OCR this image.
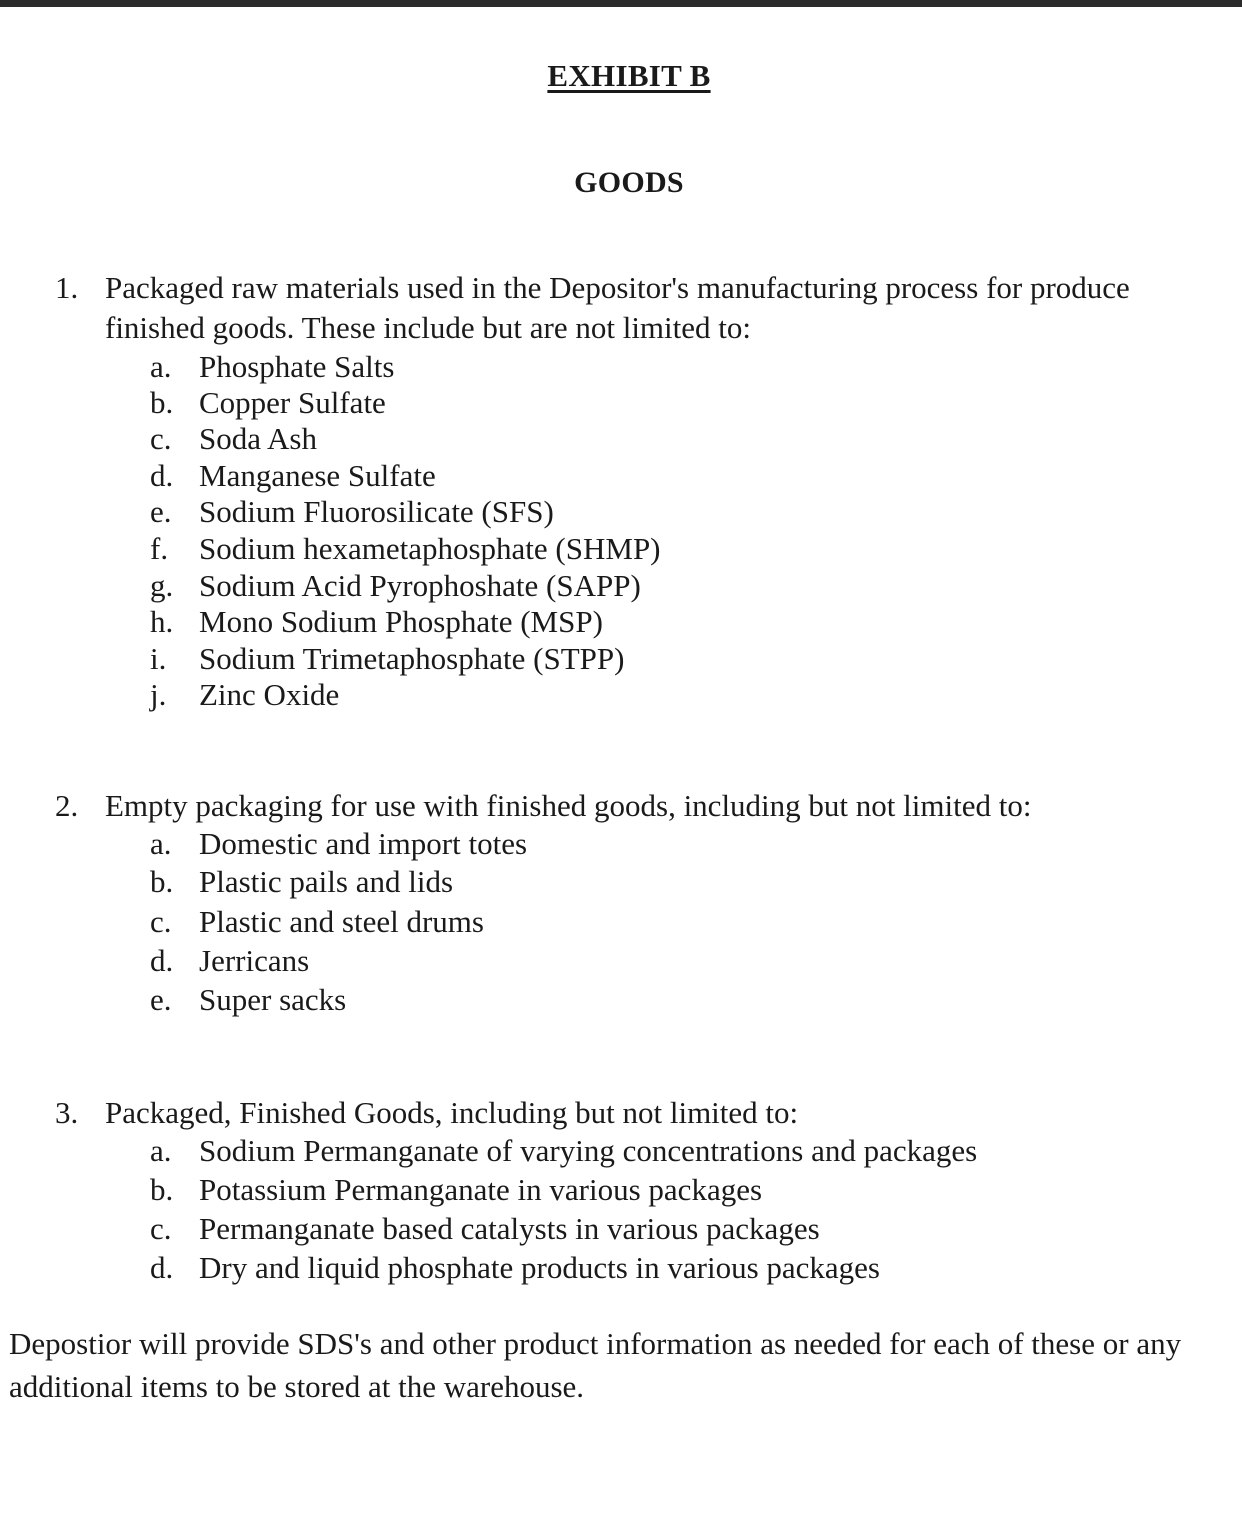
EXHIBIT B
GOODS
1. Packaged raw materials used in the Depositor's manufacturing process for produce finished goods. These include but are not limited to:

a. Phosphate Salts
b. Copper Sulfate
c. Soda Ash
d. Manganese Sulfate
e. Sodium Fluorosilicate (SFS)
f. Sodium hexametaphosphate (SHMP)
g. Sodium Acid Pyrophoshate (SAPP)
h. Mono Sodium Phosphate (MSP)
i. Sodium Trimetaphosphate (STPP)
j. Zinc Oxide
2. Empty packaging for use with finished goods, including but not limited to:

a. Domestic and import totes
b. Plastic pails and lids
c. Plastic and steel drums
d. Jerricans
e. Super sacks
3. Packaged, Finished Goods, including but not limited to:

a. Sodium Permanganate of varying concentrations and packages
b. Potassium Permanganate in various packages
c. Permanganate based catalysts in various packages
d. Dry and liquid phosphate products in various packages

Depostior will provide SDS's and other product information as needed for each of these or any additional items to be stored at the warehouse.
